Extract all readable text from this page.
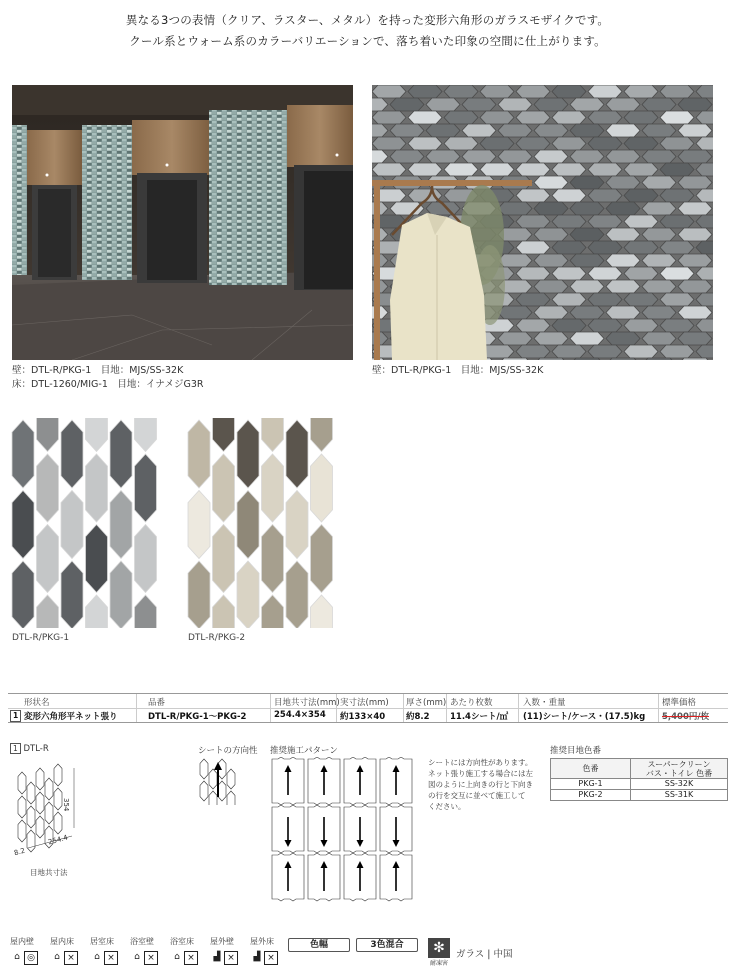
異なる3つの表情（クリア、ラスター、メタル）を持った変形六角形のガラスモザイクです。
クール系とウォーム系のカラーバリエーションで、落ち着いた印象の空間に仕上がります。
壁：DTL-R/PKG-1　目地：MJS/SS-32K
床：DTL-1260/MIG-1　目地：イナメジG3R
壁：DTL-R/PKG-1　目地：MJS/SS-32K
DTL-R/PKG-1	DTL-R/PKG-2
形状名	品番	目地共寸法(mm) 実寸法(mm) 厚さ(mm) あたり枚数	入数・重量	標準価格
1 変形六角形平ネット張り	DTL-R/PKG-1〜PKG-2	254.4×354 約133×40 約8.2 11.4シート/㎡ (11)シート/ケース・(17.5)kg 5,400円/枚
1 DTL-R
354
254.4
8.2
目地共寸法
シートの方向性 推奨施工パターン
シートには方向性があります。
ネット張り施工する場合には左
図のように上向きの行と下向き
の行を交互に並べて施工して
ください。
推奨目地色番
色番	スーパークリーン
バス・トイレ 色番

PKG-1	SS-32K
PKG-2	SS-31K
屋内壁
⌂ ◎
屋内床
⌂ ×
居室床
⌂ ×
浴室壁
⌂ ×
浴室床
⌂ ×
屋外壁
▟ ×
屋外床
▟ ×
色幅	3色混合	✻
耐凍害
ガラス | 中国
